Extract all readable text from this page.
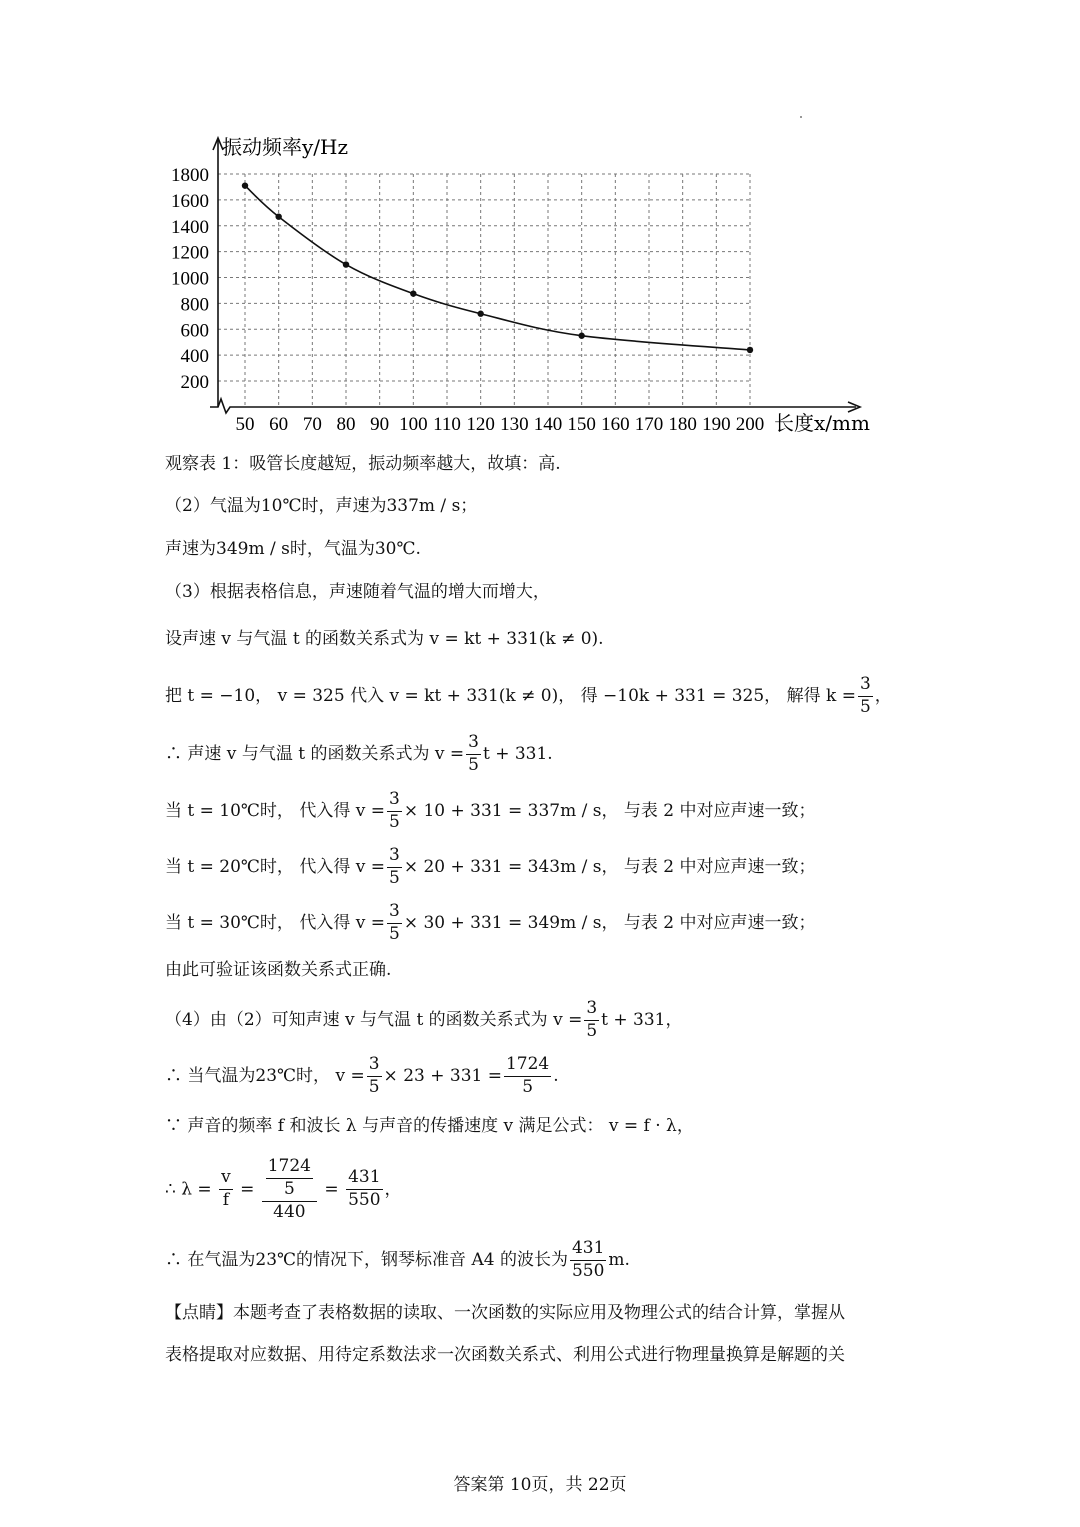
1800
1600
1400
1200
1000
800
600
400
200
50 60 70 80 90 100 110 120 130 140 150 160 170 180 190 200
振动频率y/Hz
长度x/mm
观察表 1：吸管长度越短，振动频率越大，故填：高.
（2）气温为10℃时，声速为337m / s；
声速为349m / s时，气温为30℃.
（3）根据表格信息，声速随着气温的增大而增大，
设声速 v 与气温 t 的函数关系式为 v = kt + 331(k ≠ 0).
把 t = −10， v = 325 代入 v = kt + 331(k ≠ 0)， 得 −10k + 331 = 325， 解得 $k = \frac{3}{5}$ ，
∴ 声速 v 与气温 t 的函数关系式为 $v = \frac{3}{5}$ t + 331.
当 t = 10℃时， 代入得 $v = \frac{3}{5} \times 10 + 331 = 337m / s$， 与表 2 中对应声速一致；
当 t = 20℃时， 代入得 $v = \frac{3}{5} \times 20 + 331 = 343m / s$， 与表 2 中对应声速一致；
当 t = 30℃时， 代入得 $v = \frac{3}{5} \times 30 + 331 = 349m / s$， 与表 2 中对应声速一致；
由此可验证该函数关系式正确.
（4）由（2）可知声速 v 与气温 t 的函数关系式为 $v = \frac{3}{5}$ t + 331，
∴ 当气温为23℃时， $v = \frac{3}{5} \times 23 + 331 = \frac{1724}{5}$ .
∵ 声音的频率 f 和波长 λ 与声音的传播速度 v 满足公式： v = f · λ，
∴ $\lambda = \frac{v}{f} = \frac{\frac{1724}{5}}{440} = \frac{431}{550}$ ，
∴ 在气温为23℃的情况下，钢琴标准音 A4 的波长为 $\frac{431}{550} m$.
【点睛】本题考查了表格数据的读取、一次函数的实际应用及物理公式的结合计算，掌握从
表格提取对应数据、用待定系数法求一次函数关系式、利用公式进行物理量换算是解题的关
答案第 10页，共 22页
